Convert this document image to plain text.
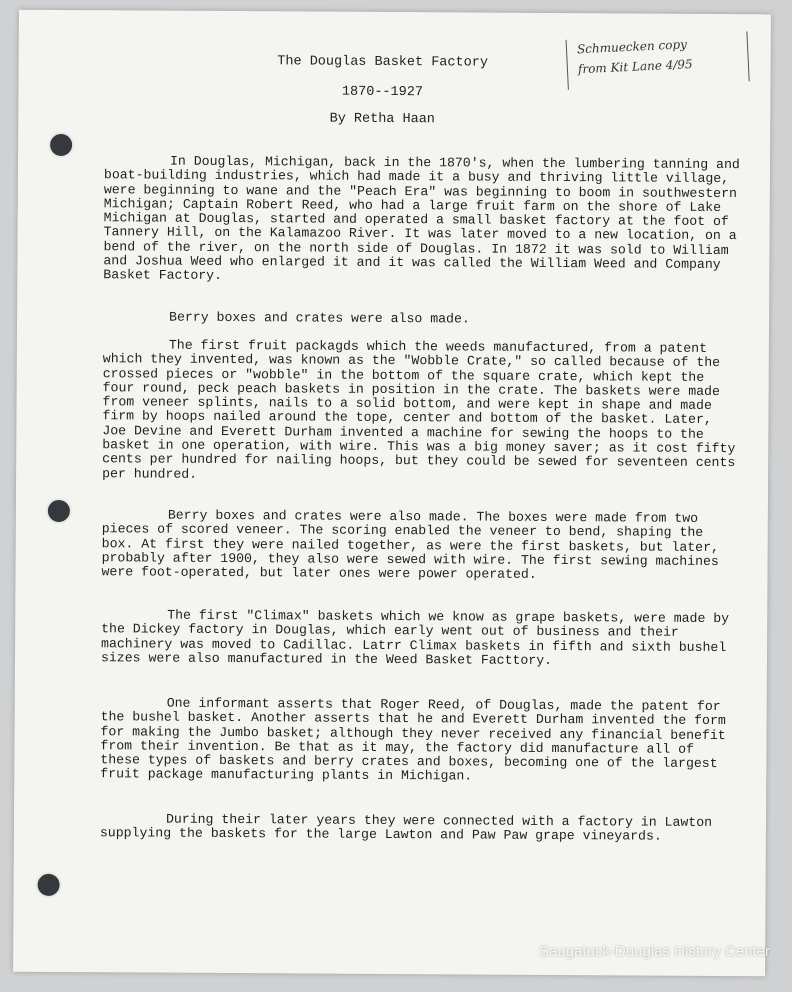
Schmuecken copy
from Kit Lane 4/95
The Douglas Basket Factory
1870--1927
By Retha Haan

In Douglas, Michigan, back in the 1870's, when the lumbering tanning and boat-building industries, which had made it a busy and thriving little village, were beginning to wane and the "Peach Era" was beginning to boom in southwestern Michigan; Captain Robert Reed, who had a large fruit farm on the shore of Lake Michigan at Douglas, started and operated a small basket factory at the foot of Tannery Hill, on the Kalamazoo River. It was later moved to a new location, on a bend of the river, on the north side of Douglas. In 1872 it was sold to William and Joshua Weed who enlarged it and it was called the William Weed and Company Basket Factory.

Berry boxes and crates were also made.

The first fruit packagds which the weeds manufactured, from a patent which they invented, was known as the "Wobble Crate," so called because of the crossed pieces or "wobble" in the bottom of the square crate, which kept the four round, peck peach baskets in position in the crate. The baskets were made from veneer splints, nails to a solid bottom, and were kept in shape and made firm by hoops nailed around the tope, center and bottom of the basket. Later, Joe Devine and Everett Durham invented a machine for sewing the hoops to the basket in one operation, with wire. This was a big money saver; as it cost fifty cents per hundred for nailing hoops, but they could be sewed for seventeen cents per hundred.

Berry boxes and crates were also made. The boxes were made from two pieces of scored veneer. The scoring enabled the veneer to bend, shaping the box. At first they were nailed together, as were the first baskets, but later, probably after 1900, they also were sewed with wire. The first sewing machines were foot-operated, but later ones were power operated.

The first "Climax" baskets which we know as grape baskets, were made by the Dickey factory in Douglas, which early went out of business and their machinery was moved to Cadillac. Latrr Climax baskets in fifth and sixth bushel sizes were also manufactured in the Weed Basket Facttory.

One informant asserts that Roger Reed, of Douglas, made the patent for the bushel basket. Another asserts that he and Everett Durham invented the form for making the Jumbo basket; although they never received any financial benefit from their invention. Be that as it may, the factory did manufacture all of these types of baskets and berry crates and boxes, becoming one of the largest fruit package manufacturing plants in Michigan.

During their later years they were connected with a factory in Lawton supplying the baskets for the large Lawton and Paw Paw grape vineyards.

Saugatuck-Douglas History Center
